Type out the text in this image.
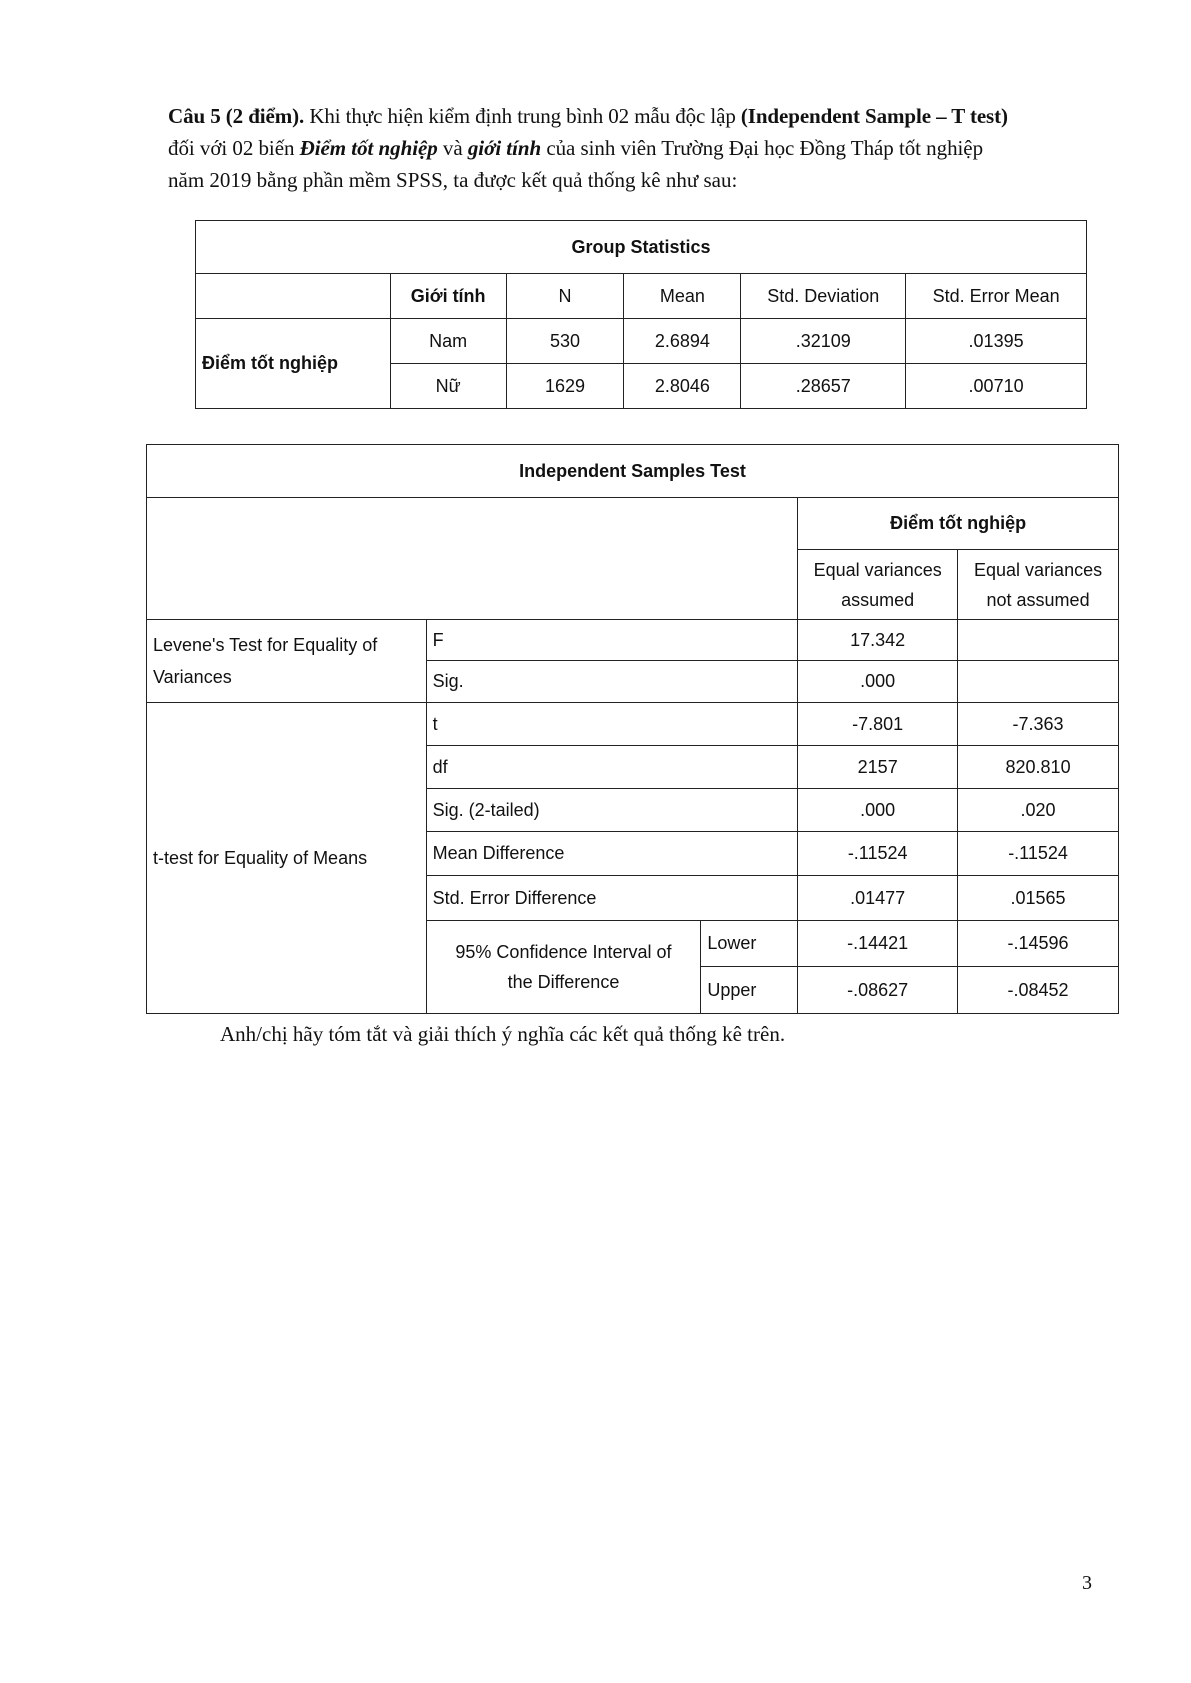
Câu 5 (2 điểm). Khi thực hiện kiểm định trung bình 02 mẫu độc lập (Independent Sample – T test)
đối với 02 biến Điểm tốt nghiệp và giới tính của sinh viên Trường Đại học Đồng Tháp tốt nghiệp
năm 2019 bằng phần mềm SPSS, ta được kết quả thống kê như sau:
Group Statistics					
	Giới tính	N	Mean	Std. Deviation	Std. Error Mean
Điểm tốt nghiệp	Nam	530	2.6894	.32109	.01395
	Nữ	1629	2.8046	.28657	.00710
Independent Samples Test				
			Điểm tốt nghiệp	
			Equal variances assumed	Equal variances not assumed
Levene's Test for Equality of Variances	F		17.342	
	Sig.		.000	
t-test for Equality of Means	t		-7.801	-7.363
	df		2157	820.810
	Sig. (2-tailed)		.000	.020
	Mean Difference		-.11524	-.11524
	Std. Error Difference		.01477	.01565
	95% Confidence Interval of the Difference	Lower	-.14421	-.14596
		Upper	-.08627	-.08452
Anh/chị hãy tóm tắt và giải thích ý nghĩa các kết quả thống kê trên.
3
